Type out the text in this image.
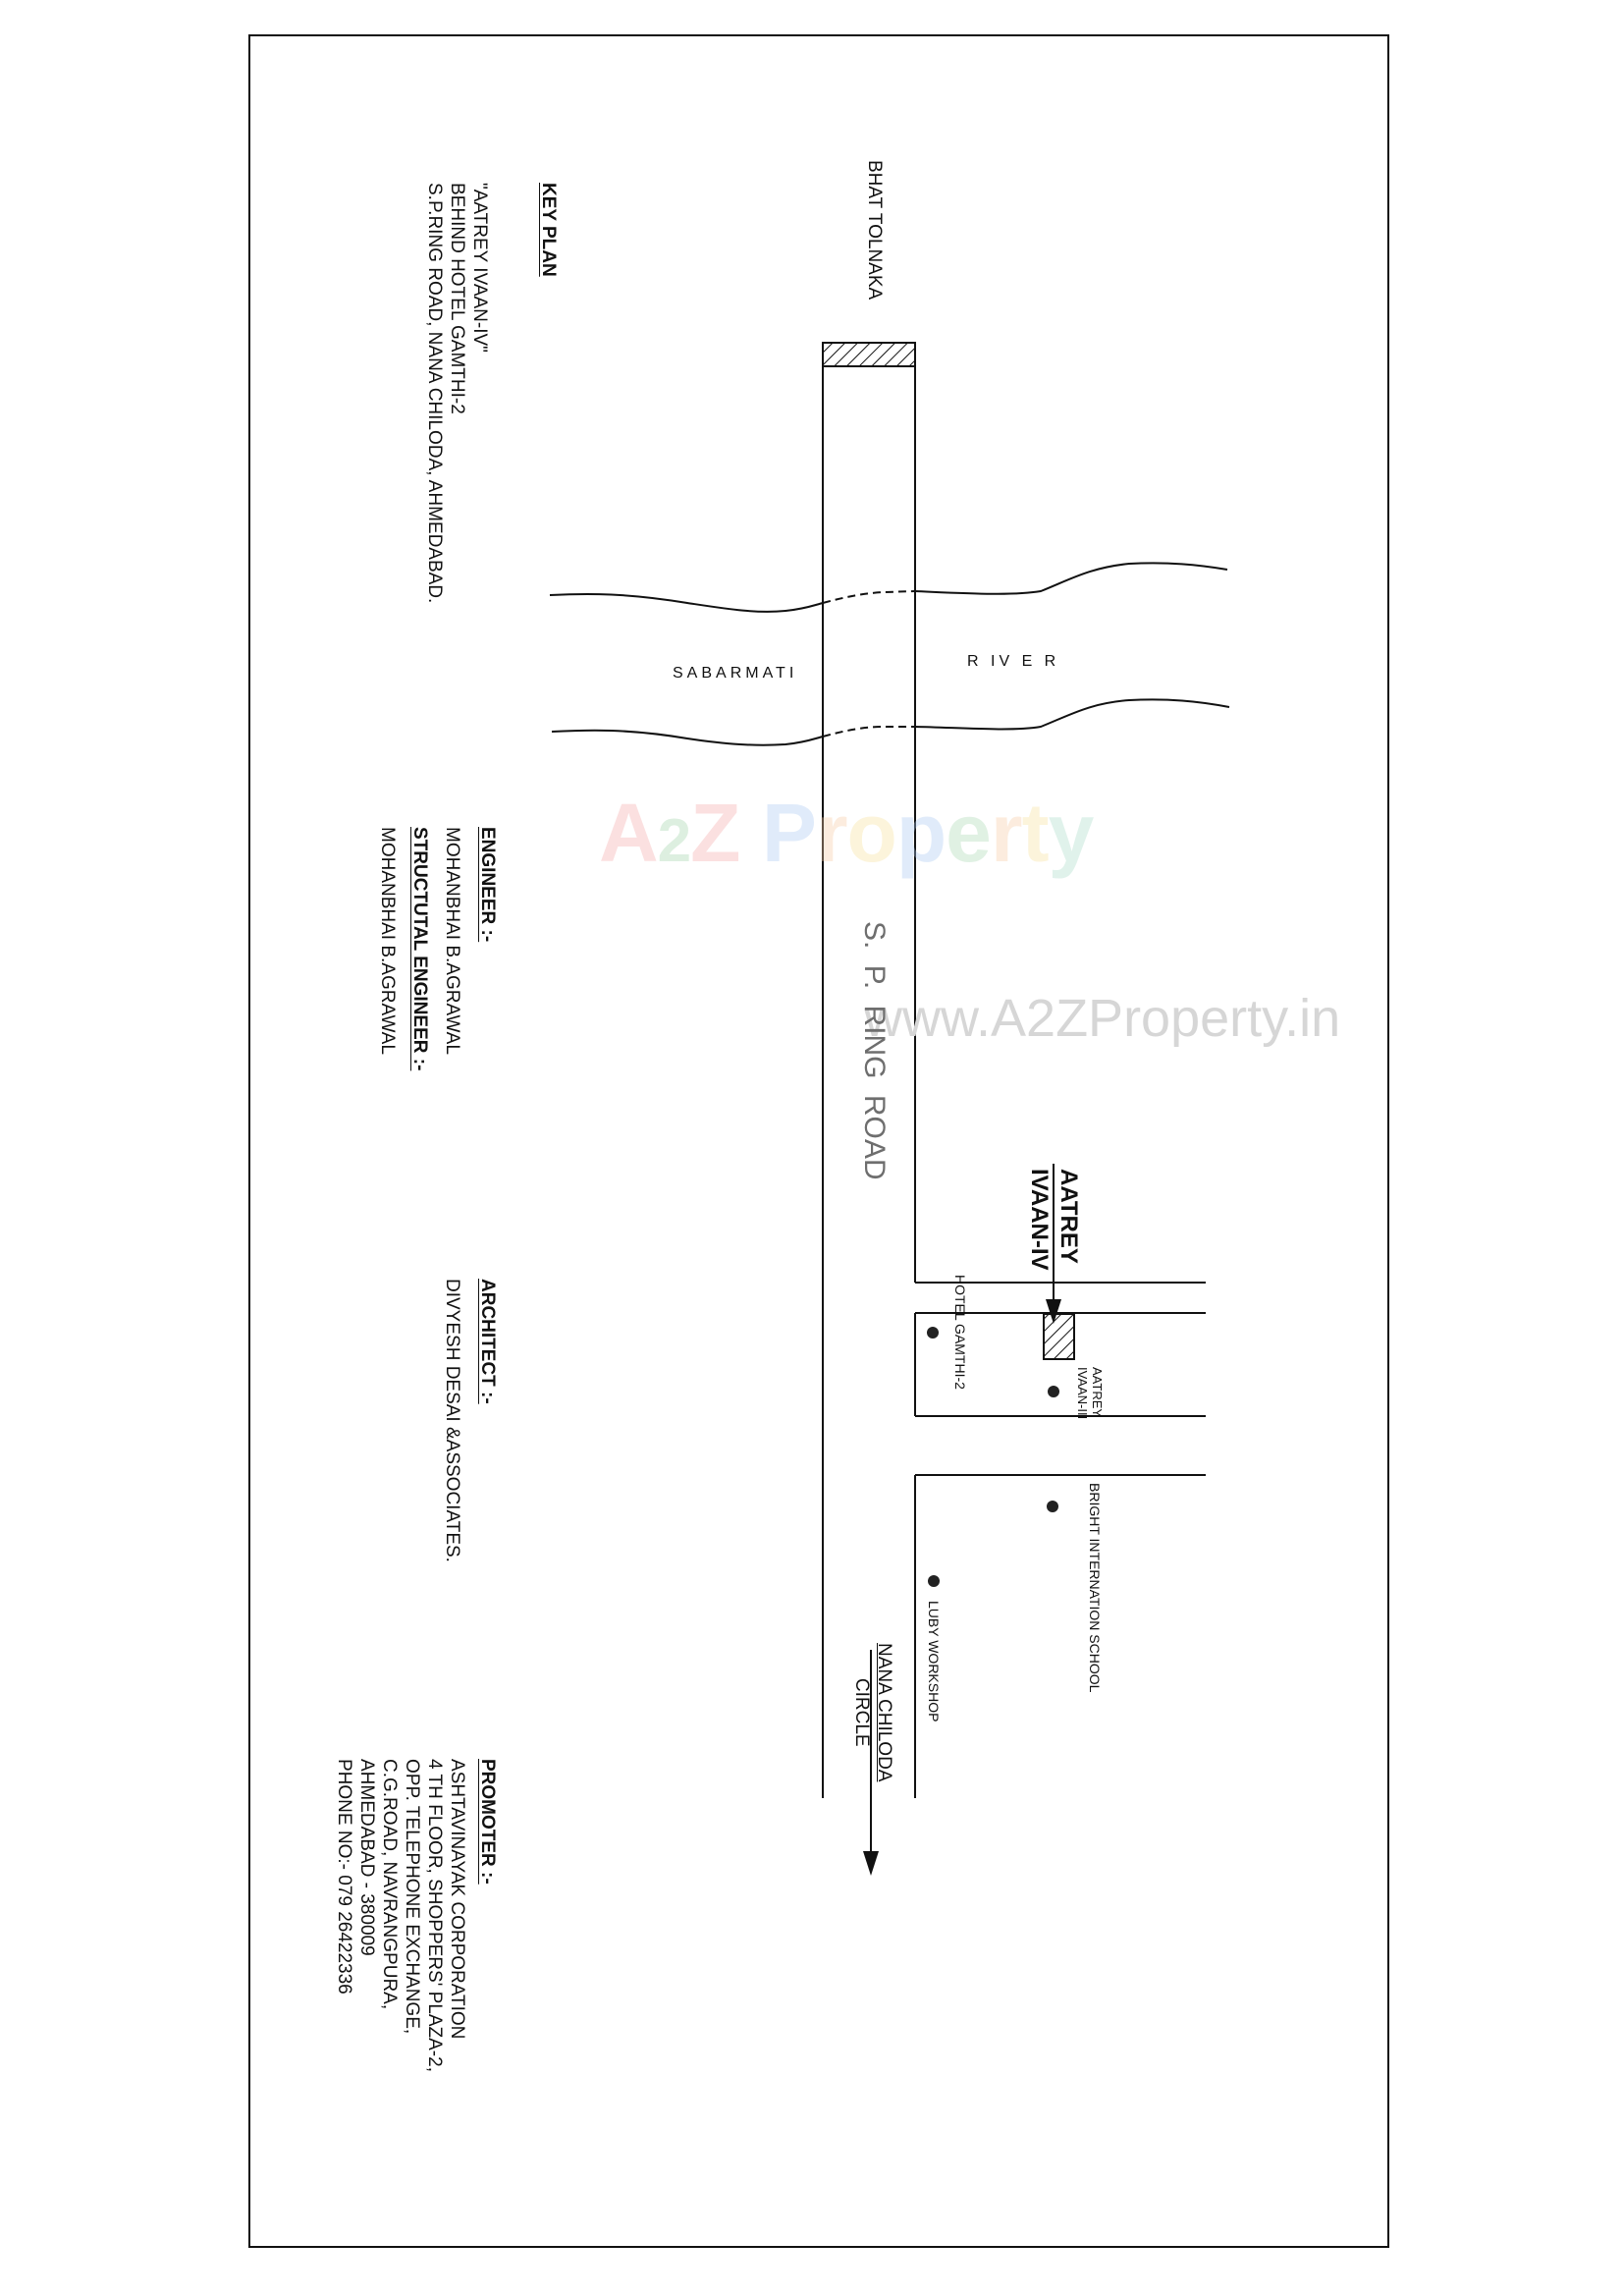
A2Z Property
www.A2ZProperty.in
KEY PLAN
"AATREY IVAAN-IV"
BEHIND HOTEL GAMTHI-2
S.P.RING ROAD, NANA CHILODA, AHMEDABAD.	BHAT TOLNAKA
S. P. RING ROAD
SABARMATI
R IV E R
AATREY
IVAAN-IV
HOTEL GAMTHI-2
AATREY
IVAAN-III
BRIGHT INTERNATION SCHOOL
LUBY WORKSHOP
NANA CHILODA
CIRCLE
ENGINEER :-
MOHANBHAI B.AGRAWAL
STRUCTUTAL ENGINEER :-
MOHANBHAI B.AGRAWAL
ARCHITECT :-
DIVYESH DESAI &ASSOCIATES.
PROMOTER :-
ASHTAVINAYAK CORPORATION
4 TH FLOOR, SHOPPERS' PLAZA-2,
OPP. TELEPHONE EXCHANGE,
C.G.ROAD, NAVRANGPURA,
AHMEDABAD - 380009
PHONE NO:- 079 26422336
